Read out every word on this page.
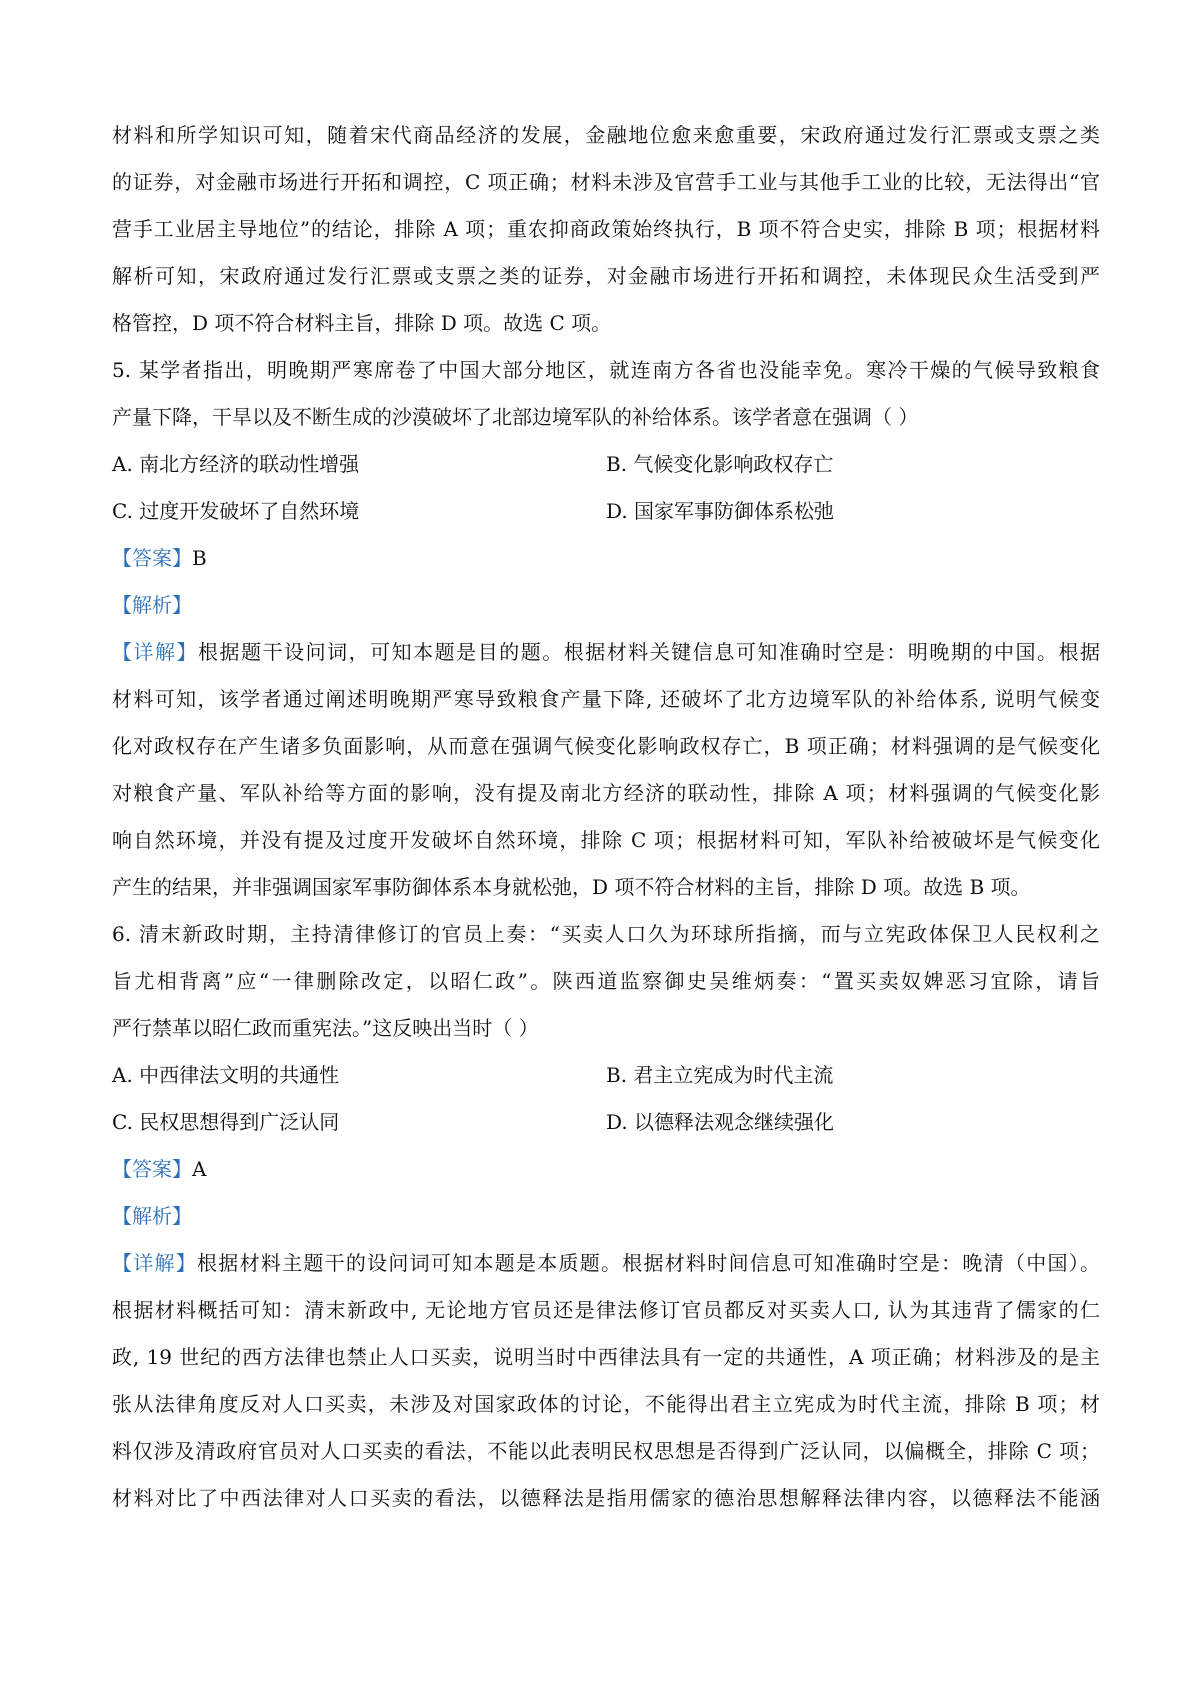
材料和所学知识可知，随着宋代商品经济的发展，金融地位愈来愈重要，宋政府通过发行汇票或支票之类
的证券，对金融市场进行开拓和调控，C 项正确；材料未涉及官营手工业与其他手工业的比较，无法得出“官
营手工业居主导地位”的结论，排除 A 项；重农抑商政策始终执行，B 项不符合史实，排除 B 项；根据材料
解析可知，宋政府通过发行汇票或支票之类的证券，对金融市场进行开拓和调控，未体现民众生活受到严
格管控，D 项不符合材料主旨，排除 D 项。故选 C 项。
5. 某学者指出，明晚期严寒席卷了中国大部分地区，就连南方各省也没能幸免。寒冷干燥的气候导致粮食
产量下降，干旱以及不断生成的沙漠破坏了北部边境军队的补给体系。该学者意在强调（ ）
A. 南北方经济的联动性增强	B. 气候变化影响政权存亡
C. 过度开发破坏了自然环境	D. 国家军事防御体系松弛
【答案】B
【解析】
【详解】根据题干设问词，可知本题是目的题。根据材料关键信息可知准确时空是：明晚期的中国。根据
材料可知，该学者通过阐述明晚期严寒导致粮食产量下降, 还破坏了北方边境军队的补给体系, 说明气候变
化对政权存在产生诸多负面影响，从而意在强调气候变化影响政权存亡，B 项正确；材料强调的是气候变化
对粮食产量、军队补给等方面的影响，没有提及南北方经济的联动性，排除 A 项；材料强调的气候变化影
响自然环境，并没有提及过度开发破坏自然环境，排除 C 项；根据材料可知，军队补给被破坏是气候变化
产生的结果，并非强调国家军事防御体系本身就松弛，D 项不符合材料的主旨，排除 D 项。故选 B 项。
6. 清末新政时期，主持清律修订的官员上奏：“买卖人口久为环球所指摘，而与立宪政体保卫人民权利之
旨尤相背离”应“一律删除改定，以昭仁政”。陕西道监察御史吴维炳奏：“置买卖奴婢恶习宜除，请旨
严行禁革以昭仁政而重宪法。”这反映出当时（ ）
A. 中西律法文明的共通性	B. 君主立宪成为时代主流
C. 民权思想得到广泛认同	D. 以德释法观念继续强化
【答案】A
【解析】
【详解】根据材料主题干的设问词可知本题是本质题。根据材料时间信息可知准确时空是：晚清（中国）。
根据材料概括可知：清末新政中, 无论地方官员还是律法修订官员都反对买卖人口, 认为其违背了儒家的仁
政, 19 世纪的西方法律也禁止人口买卖，说明当时中西律法具有一定的共通性，A 项正确；材料涉及的是主
张从法律角度反对人口买卖，未涉及对国家政体的讨论，不能得出君主立宪成为时代主流，排除 B 项；材
料仅涉及清政府官员对人口买卖的看法，不能以此表明民权思想是否得到广泛认同，以偏概全，排除 C 项；
材料对比了中西法律对人口买卖的看法，以德释法是指用儒家的德治思想解释法律内容，以德释法不能涵
